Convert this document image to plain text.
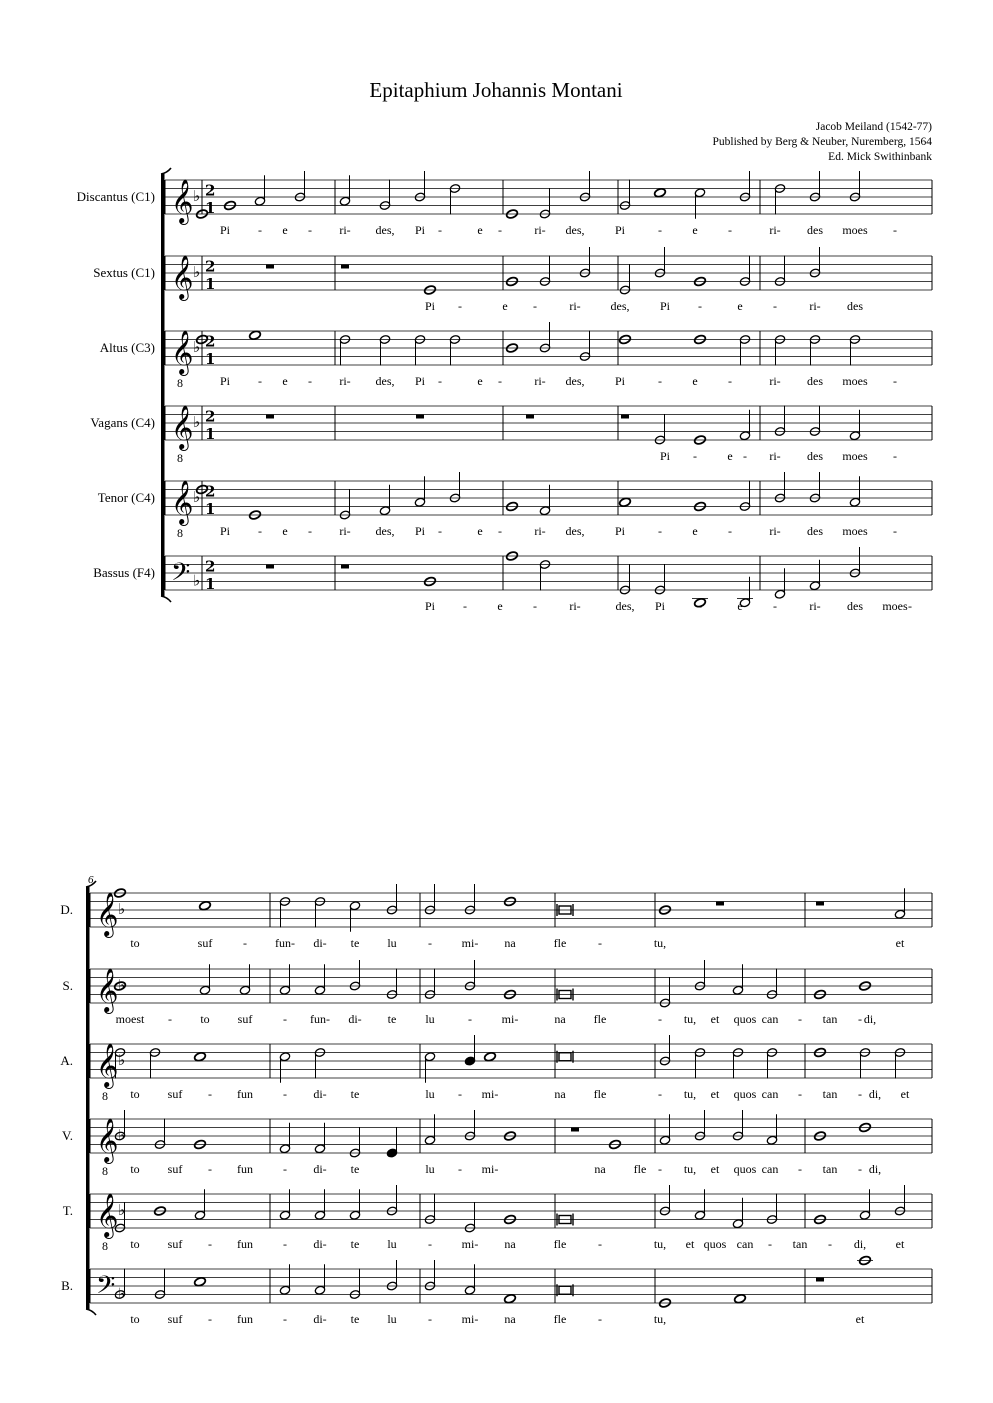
Epitaphium Johannis Montani
Jacob Meiland (1542-77)
Published by Berg & Neuber, Nuremberg, 1564
Ed. Mick Swithinbank
Discantus (C1) 𝄞 ♭ 2
1
Pi - e - ri- des, Pi -	e -	ri- des,	Pi	-	e	-	ri- des moes -
Sextus (C1) 𝄞 ♭ 2
1
Pi -	e -	ri- des,	Pi -	e	-	ri- des
Altus (C3) 𝄞
8
♭ 2
1
Pi - e - ri- des, Pi -	e -	ri- des,	Pi	-	e	-	ri- des moes -
Vagans (C4) 𝄞
8
♭ 2
1
Pi -	e - ri- des moes -
Tenor (C4) 𝄞
8
♭ 2
1
Pi - e - ri- des, Pi -	e -	ri- des,	Pi	-	e	-	ri- des moes -
Bassus (F4) 𝄢 ♭
2
1
Pi -	e	-	ri-	des, Pi	-	e	-	ri- des moes -
6
D. 𝄞 ♭
to	suf	- fun- di- te lu	- mi- na	fle	-	tu,	et
S. 𝄞 ♭
moest - to suf	- fun- di- te lu	- mi-	na fle	- tu, et quos can - tan - di,
A. 𝄞
8
♭
to suf - fun	- di- te	lu - mi-	na fle	- tu, et quos can - tan - di, et
V. 𝄞
8
♭
to suf - fun	- di- te	lu - mi-	na fle - tu, et quos can - tan - di,
T. 𝄞
8
♭
to suf - fun	- di- te lu	- mi- na	fle	-	tu, et quos can - tan - di, et
B. 𝄢 ♭
to suf - fun	- di- te lu	- mi- na	fle	-	tu,	et
